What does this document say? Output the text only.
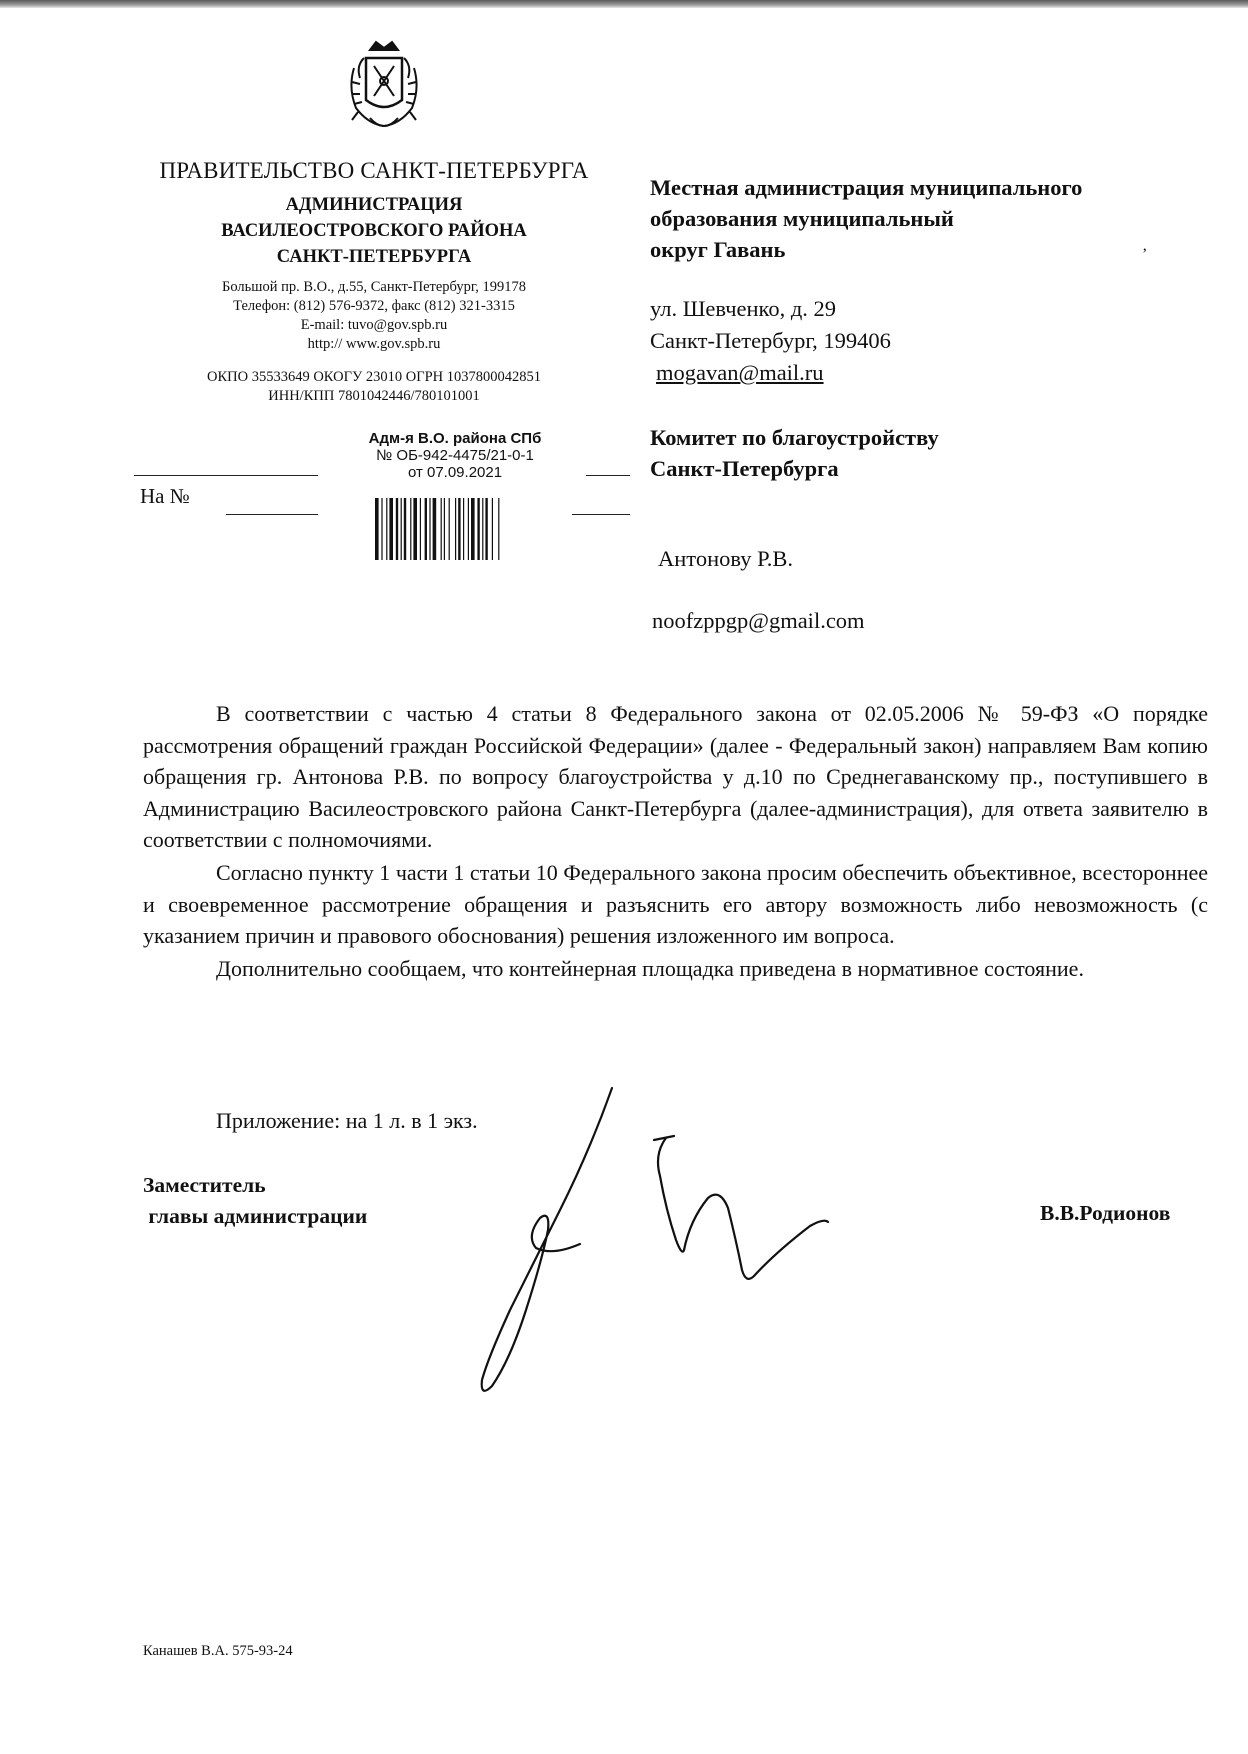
ПРАВИТЕЛЬСТВО САНКТ-ПЕТЕРБУРГА
АДМИНИСТРАЦИЯ
ВАСИЛЕОСТРОВСКОГО РАЙОНА
САНКТ-ПЕТЕРБУРГА
Большой пр. В.О., д.55, Санкт-Петербург, 199178
Телефон: (812) 576-9372, факс (812) 321-3315
E-mail: tuvo@gov.spb.ru
http:// www.gov.spb.ru
ОКПО 35533649 ОКОГУ 23010 ОГРН 1037800042851
ИНН/КПП 7801042446/780101001
На №
Адм-я В.О. района СПб
№ ОБ-942-4475/21-0-1
от 07.09.2021
Местная администрация муниципального
образования муниципальный
округ Гавань	’
ул. Шевченко, д. 29
Санкт-Петербург, 199406
mogavan@mail.ru
Комитет по благоустройству
Санкт-Петербурга
Антонову Р.В.
noofzppgp@gmail.com

В соответствии с частью 4 статьи 8 Федерального закона от 02.05.2006 № 59-ФЗ «О порядке рассмотрения обращений граждан Российской Федерации» (далее - Федеральный закон) направляем Вам копию обращения гр. Антонова Р.В. по вопросу благоустройства у д.10 по Среднегаванскому пр., поступившего в Администрацию Василеостровского района Санкт-Петербурга (далее-администрация), для ответа заявителю в соответствии с полномочиями.

Согласно пункту 1 части 1 статьи 10 Федерального закона просим обеспечить объективное, всестороннее и своевременное рассмотрение обращения и разъяснить его автору возможность либо невозможность (с указанием причин и правового обоснования) решения изложенного им вопроса.

Дополнительно сообщаем, что контейнерная площадка приведена в нормативное состояние.

Приложение: на 1 л. в 1 экз.
Заместитель
главы администрации	В.В.Родионов
Канашев В.А. 575-93-24
